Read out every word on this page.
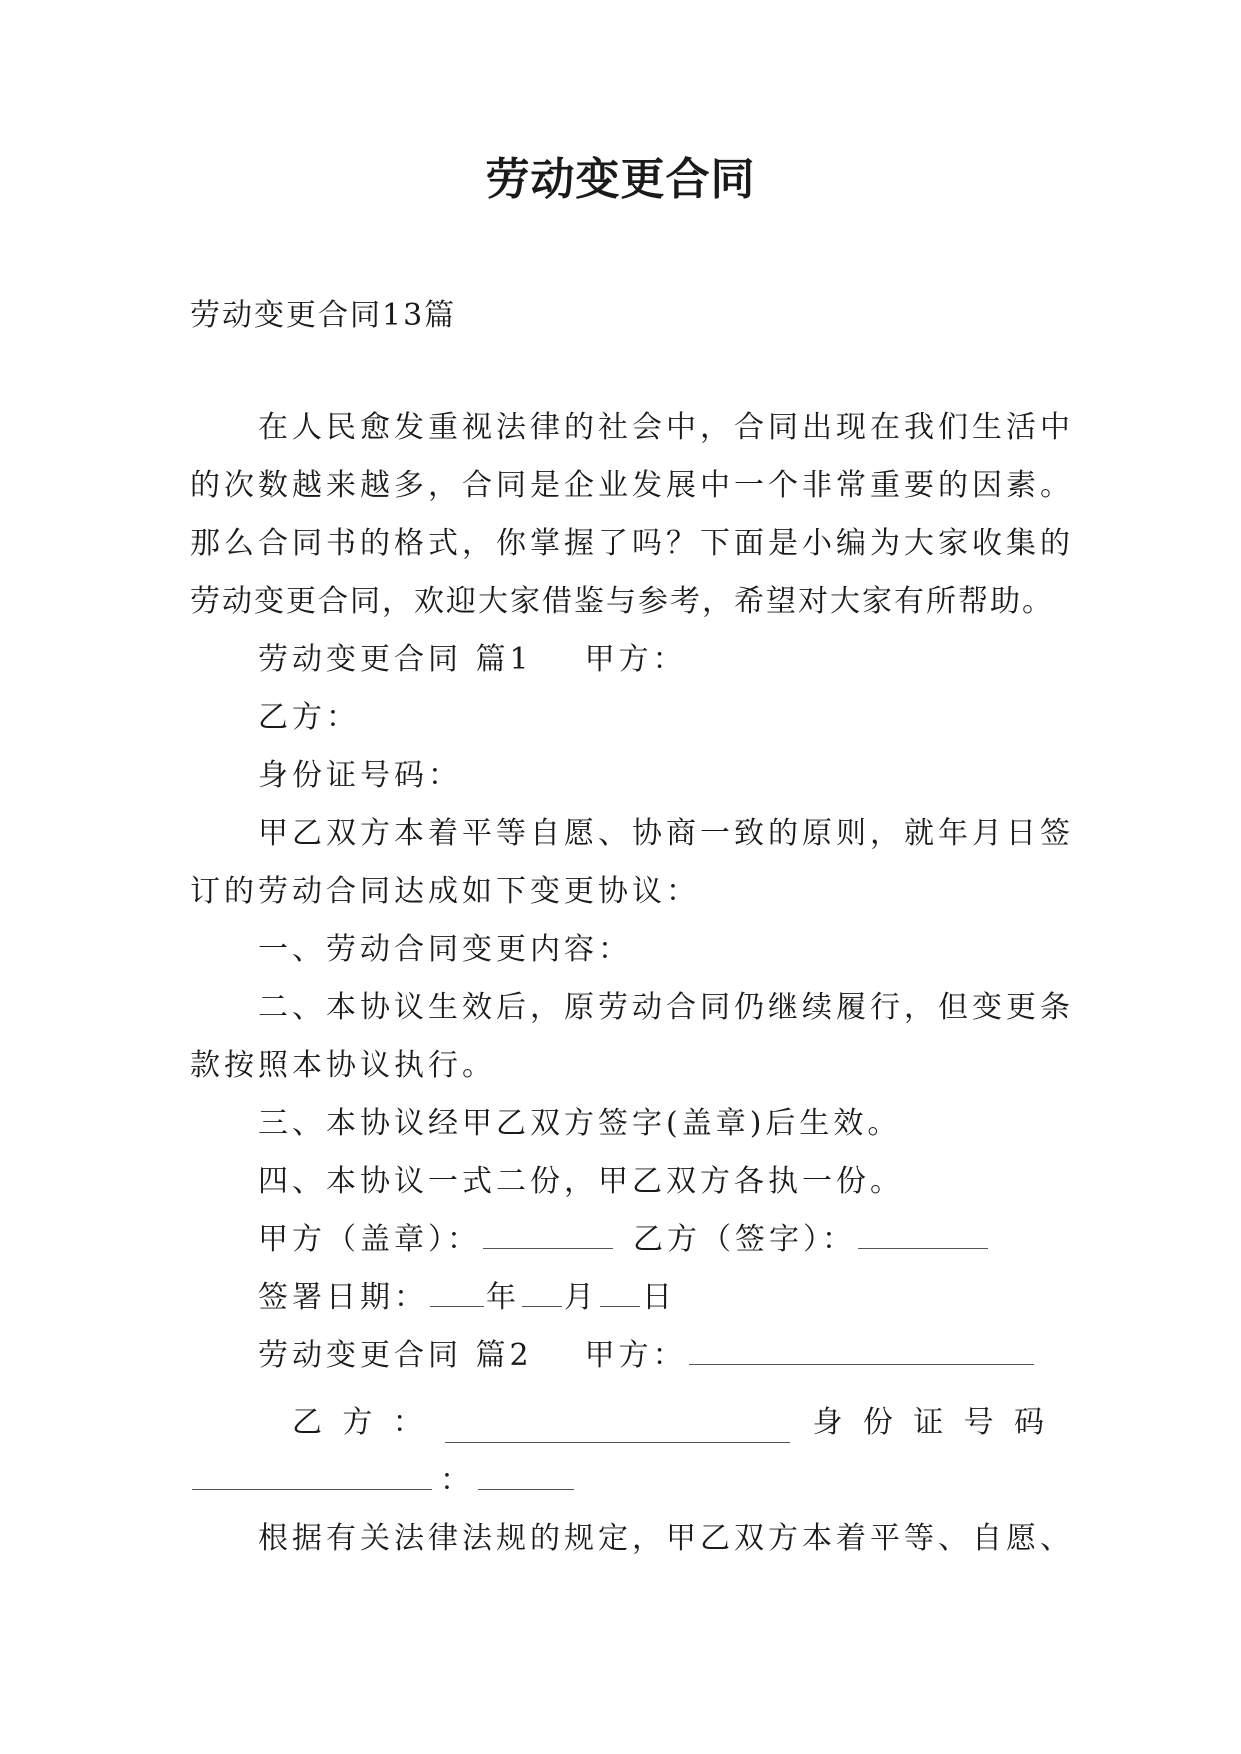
劳动变更合同
劳动变更合同13篇
在人民愈发重视法律的社会中，合同出现在我们生活中
的次数越来越多，合同是企业发展中一个非常重要的因素。
那么合同书的格式，你掌握了吗？下面是小编为大家收集的
劳动变更合同，欢迎大家借鉴与参考，希望对大家有所帮助。
劳动变更合同 篇1 甲方：
乙方：
身份证号码：
甲乙双方本着平等自愿、协商一致的原则，就年月日签
订的劳动合同达成如下变更协议：
一、劳动合同变更内容：
二、本协议生效后，原劳动合同仍继续履行，但变更条
款按照本协议执行。
三、本协议经甲乙双方签字(盖章)后生效。
四、本协议一式二份，甲乙双方各执一份。
甲方（盖章）：	乙方（签字）：
签署日期： 年 月 日
劳动变更合同 篇2 甲方：
乙 方 ：	身 份 证 号 码
：
根据有关法律法规的规定，甲乙双方本着平等、自愿、
